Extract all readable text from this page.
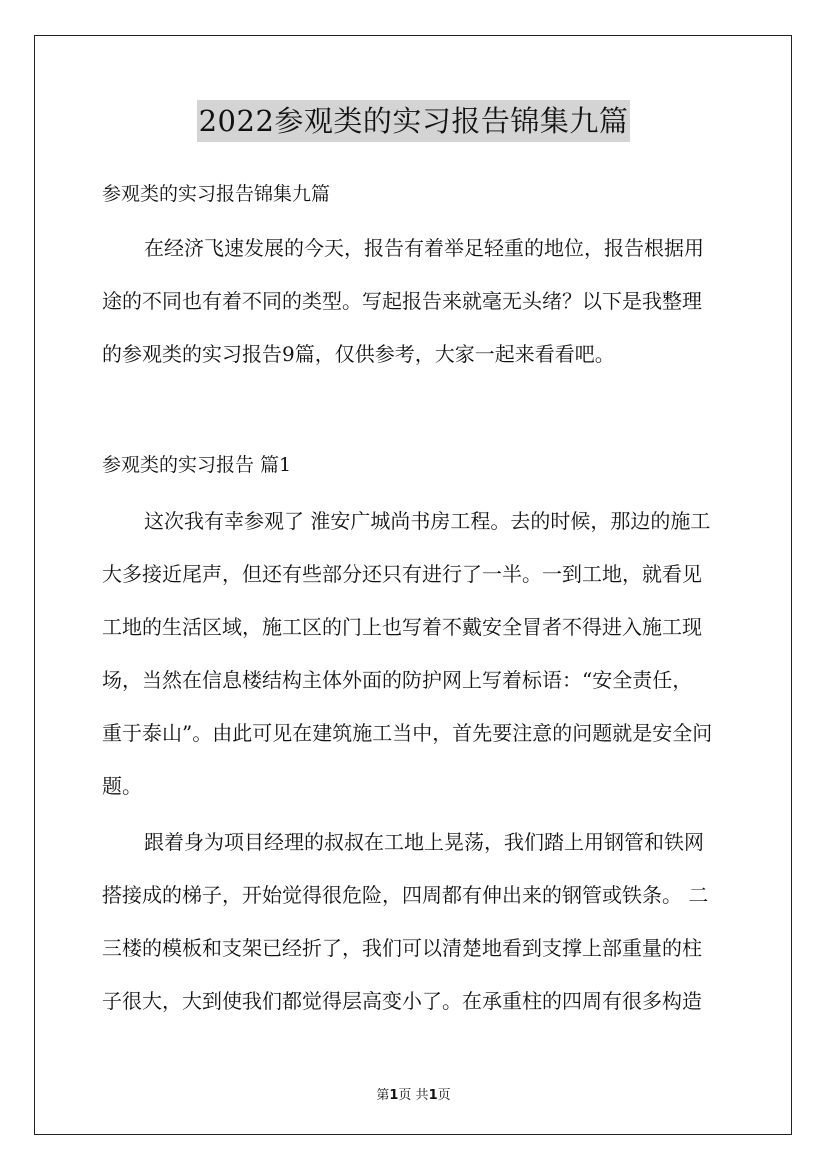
2022参观类的实习报告锦集九篇
参观类的实习报告锦集九篇
在经济飞速发展的今天，报告有着举足轻重的地位，报告根据用
途的不同也有着不同的类型。写起报告来就毫无头绪？以下是我整理
的参观类的实习报告9篇，仅供参考，大家一起来看看吧。
参观类的实习报告 篇1
这次我有幸参观了 淮安广城尚书房工程。去的时候，那边的施工
大多接近尾声，但还有些部分还只有进行了一半。一到工地，就看见
工地的生活区域，施工区的门上也写着不戴安全冒者不得进入施工现
场，当然在信息楼结构主体外面的防护网上写着标语：“安全责任，
重于泰山”。由此可见在建筑施工当中，首先要注意的问题就是安全问
题。
跟着身为项目经理的叔叔在工地上晃荡，我们踏上用钢管和铁网
搭接成的梯子，开始觉得很危险，四周都有伸出来的钢管或铁条。 二
三楼的模板和支架已经折了，我们可以清楚地看到支撑上部重量的柱
子很大，大到使我们都觉得层高变小了。在承重柱的四周有很多构造
第1页 共1页
